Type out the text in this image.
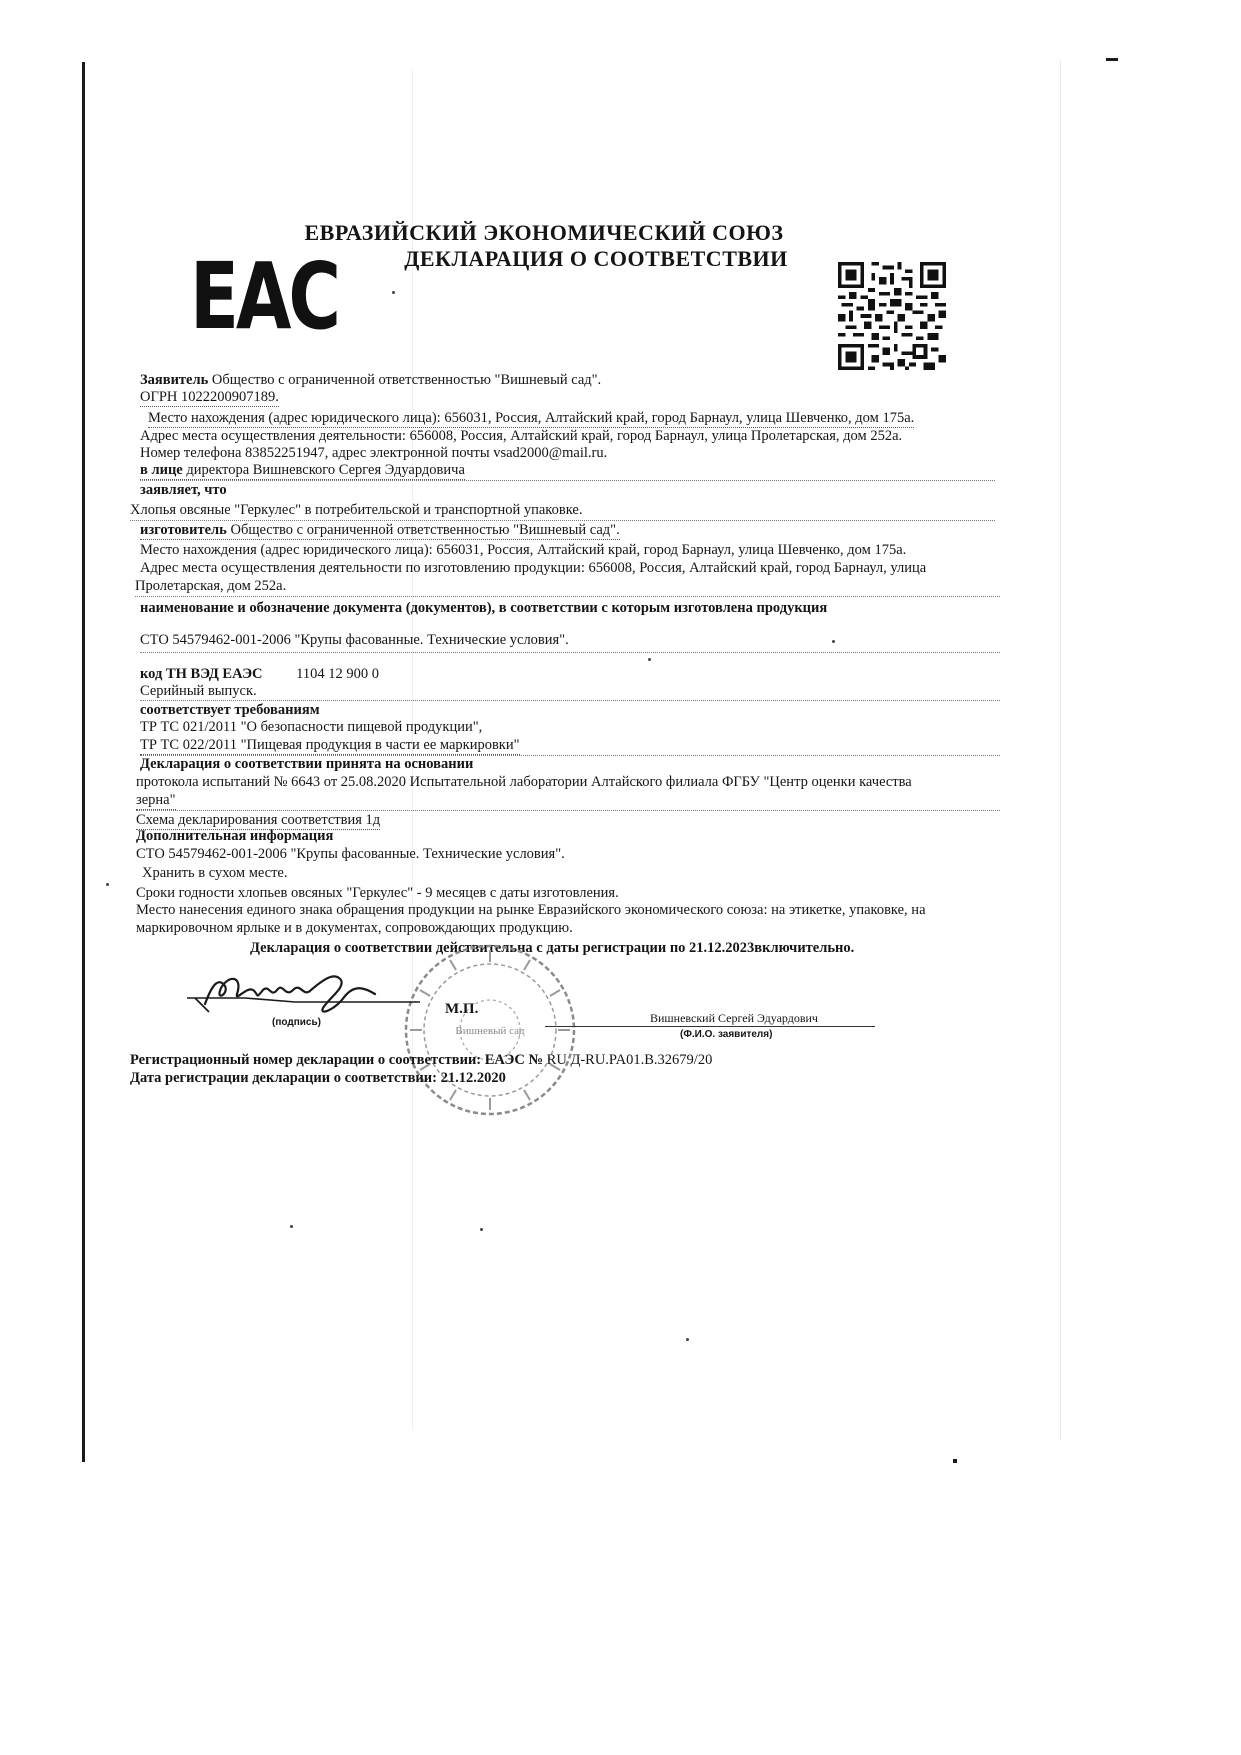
EAC
ЕВРАЗИЙСКИЙ ЭКОНОМИЧЕСКИЙ СОЮЗ
ДЕКЛАРАЦИЯ О СООТВЕТСТВИИ
Заявитель Общество с ограниченной ответственностью "Вишневый сад".
ОГРН 1022200907189.
Место нахождения (адрес юридического лица): 656031, Россия, Алтайский край, город Барнаул, улица Шевченко, дом 175а.
Адрес места осуществления деятельности: 656008, Россия, Алтайский край, город Барнаул, улица Пролетарская, дом 252а.
Номер телефона 83852251947, адрес электронной почты vsad2000@mail.ru.
в лице директора Вишневского Сергея Эдуардовича
заявляет, что
Хлопья овсяные "Геркулес" в потребительской и транспортной упаковке.
изготовитель Общество с ограниченной ответственностью "Вишневый сад".
Место нахождения (адрес юридического лица): 656031, Россия, Алтайский край, город Барнаул, улица Шевченко, дом 175а.
Адрес места осуществления деятельности по изготовлению продукции: 656008, Россия, Алтайский край, город Барнаул, улица
Пролетарская, дом 252а.
наименование и обозначение документа (документов), в соответствии с которым изготовлена продукция
СТО 54579462-001-2006 "Крупы фасованные. Технические условия".
код ТН ВЭД ЕАЭС 1104 12 900 0
Серийный выпуск.
соответствует требованиям
ТР ТС 021/2011 "О безопасности пищевой продукции",
ТР ТС 022/2011 "Пищевая продукция в части ее маркировки"
Декларация о соответствии принята на основании
протокола испытаний № 6643 от 25.08.2020 Испытательной лаборатории Алтайского филиала ФГБУ "Центр оценки качества
зерна"
Схема декларирования соответствия 1д
Дополнительная информация
СТО 54579462-001-2006 "Крупы фасованные. Технические условия".
Хранить в сухом месте.
Сроки годности хлопьев овсяных "Геркулес" - 9 месяцев с даты изготовления.
Место нанесения единого знака обращения продукции на рынке Евразийского экономического союза: на этикетке, упаковке, на
маркировочном ярлыке и в документах, сопровождающих продукцию.
Декларация о соответствии действительна с даты регистрации по 21.12.2023включительно.
Вишневый сад
(подпись)
М.П.
Вишневский Сергей Эдуардович
(Ф.И.О. заявителя)
Регистрационный номер декларации о соответствии: ЕАЭС № RU Д-RU.PA01.B.32679/20
Дата регистрации декларации о соответствии: 21.12.2020
